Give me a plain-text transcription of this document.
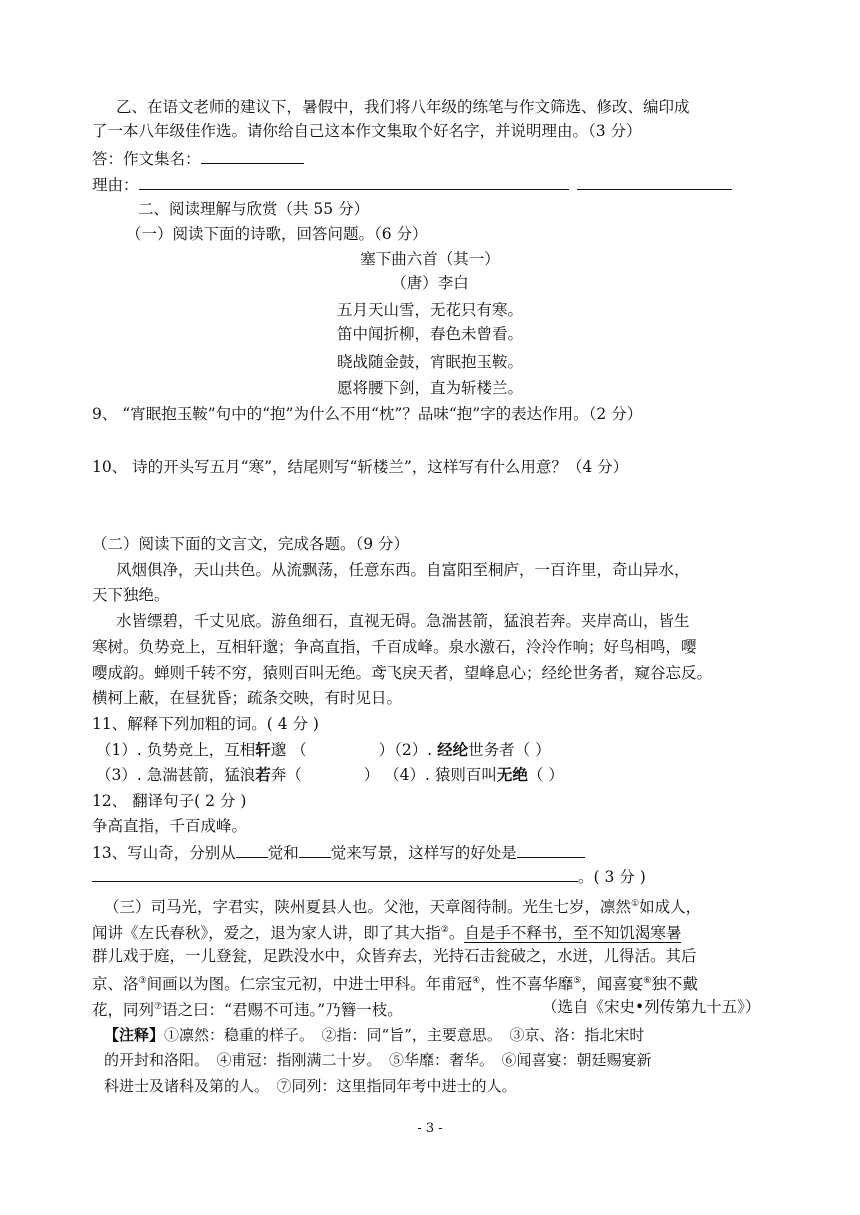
乙、在语文老师的建议下，暑假中，我们将八年级的练笔与作文筛选、修改、编印成
了一本八年级佳作选。请你给自己这本作文集取个好名字，并说明理由。（3 分）
答：作文集名：
理由：
二、阅读理解与欣赏（共 55 分）
（一）阅读下面的诗歌，回答问题。（6 分）
塞下曲六首（其一）
（唐）李白
五月天山雪，无花只有寒。
笛中闻折柳，春色未曾看。
晓战随金鼓，宵眠抱玉鞍。
愿将腰下剑，直为斩楼兰。
9、 “宵眠抱玉鞍”句中的“抱”为什么不用“枕”？品味“抱”字的表达作用。（2 分）
10、 诗的开头写五月“寒”，结尾则写“斩楼兰”，这样写有什么用意？（4 分）
（二）阅读下面的文言文，完成各题。（9 分）
风烟俱净，天山共色。从流飘荡，任意东西。自富阳至桐庐，一百许里，奇山异水，
天下独绝。
水皆缥碧，千丈见底。游鱼细石，直视无碍。急湍甚箭，猛浪若奔。夹岸高山，皆生
寒树。负势竞上，互相轩邈；争高直指，千百成峰。泉水激石，泠泠作响；好鸟相鸣，嘤
嘤成韵。蝉则千转不穷，猿则百叫无绝。鸢飞戾天者，望峰息心；经纶世务者，窥谷忘反。
横柯上蔽，在昼犹昏；疏条交映，有时见日。
11、解释下列加粗的词。( 4 分 )
（1）. 负势竞上，互相轩邈 （	）（2）. 经纶世务者（ ）
（3）. 急湍甚箭，猛浪若奔（	） （4）. 猿则百叫无绝（ ）
12、 翻译句子( 2 分 )
争高直指，千百成峰。
13、写山奇，分别从 觉和 觉来写景，这样写的好处是
。( 3 分 )
（三）司马光，字君实，陕州夏县人也。父池，天章阁待制。光生七岁，凛然①如成人，
闻讲《左氏春秋》，爱之，退为家人讲，即了其大指②。自是手不释书，至不知饥渴寒暑
群儿戏于庭，一儿登瓮，足跌没水中，众皆弃去，光持石击瓮破之，水迸，儿得活。其后
京、洛③间画以为图。仁宗宝元初，中进士甲科。年甫冠④，性不喜华靡⑤，闻喜宴⑥独不戴
花，同列⑦语之曰：“君赐不可违。”乃簪一枝。	（选自《宋史•列传第九十五》）
【注释】①凛然：稳重的样子。　②指：同“旨”，主要意思。　③京、洛：指北宋时
的开封和洛阳。　④甫冠：指刚满二十岁。　⑤华靡：奢华。　⑥闻喜宴：朝廷赐宴新
科进士及诸科及第的人。　⑦同列：这里指同年考中进士的人。
- 3 -
